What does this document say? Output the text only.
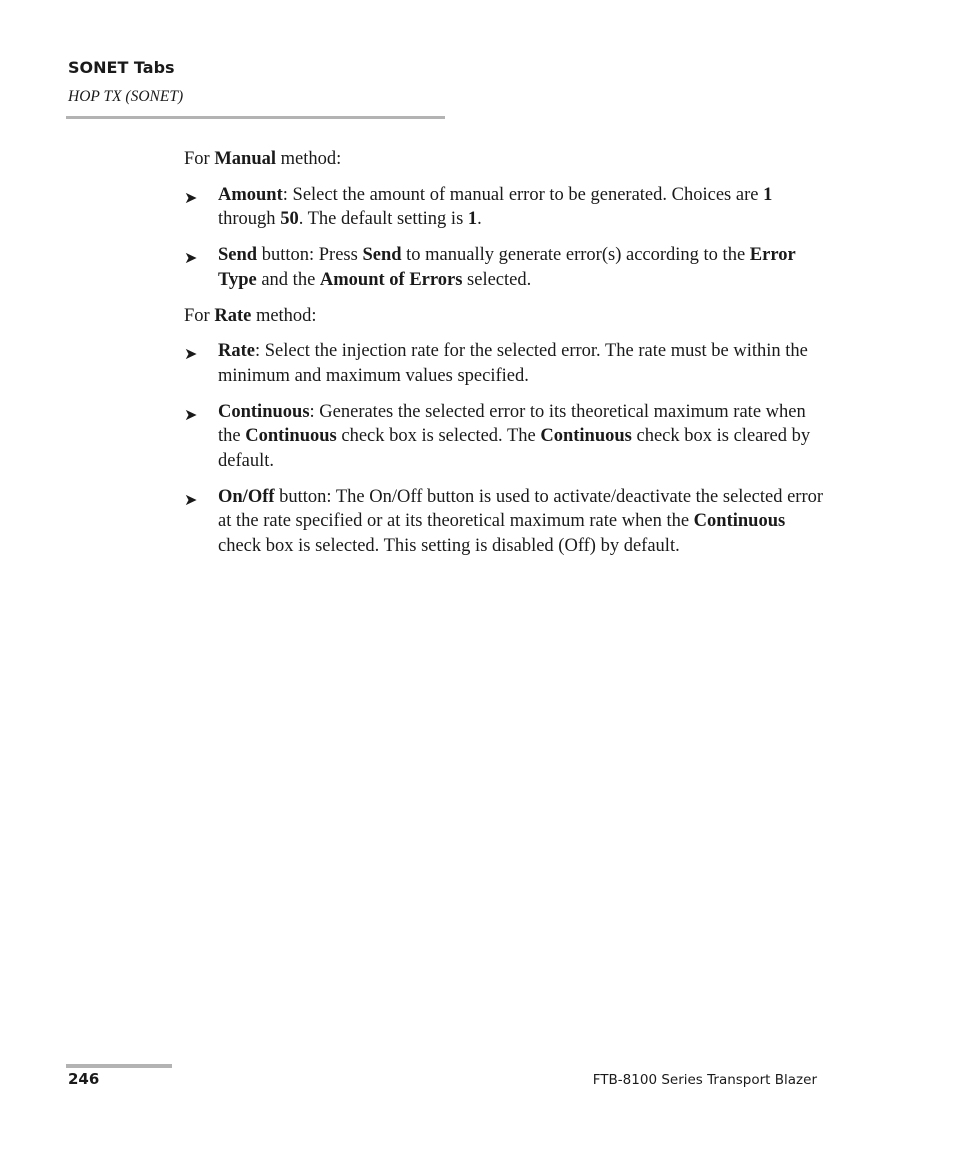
SONET Tabs
HOP TX (SONET)

For Manual method:

➤ Amount: Select the amount of manual error to be generated. Choices are 1 through 50. The default setting is 1.
➤ Send button: Press Send to manually generate error(s) according to the Error Type and the Amount of Errors selected.

For Rate method:

➤ Rate: Select the injection rate for the selected error. The rate must be within the minimum and maximum values specified.
➤ Continuous: Generates the selected error to its theoretical maximum rate when the Continuous check box is selected. The Continuous check box is cleared by default.
➤ On/Off button: The On/Off button is used to activate/deactivate the selected error at the rate specified or at its theoretical maximum rate when the Continuous check box is selected. This setting is disabled (Off) by default.
246	FTB-8100 Series Transport Blazer
